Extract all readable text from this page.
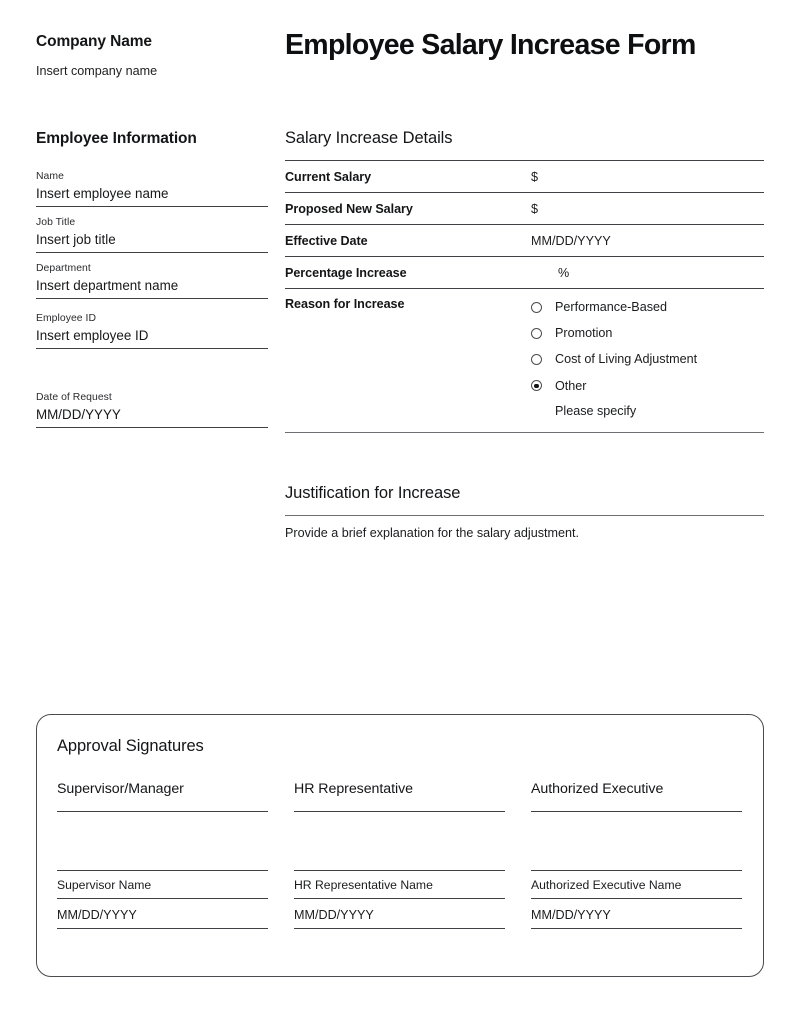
Company Name
Insert company name
Employee Salary Increase Form
Employee Information
Name
Insert employee name
Job Title
Insert job title
Department
Insert department name
Employee ID
Insert employee ID
Date of Request
MM/DD/YYYY
Salary Increase Details
Current Salary	$
Proposed New Salary	$
Effective Date	MM/DD/YYYY
Percentage Increase	%
Reason for Increase	Performance-Based
Promotion
Cost of Living Adjustment
Other
Please specify
Justification for Increase
Provide a brief explanation for the salary adjustment.
Approval Signatures
Supervisor/Manager
Supervisor Name
MM/DD/YYYY
HR Representative
HR Representative Name
MM/DD/YYYY
Authorized Executive
Authorized Executive Name
MM/DD/YYYY
